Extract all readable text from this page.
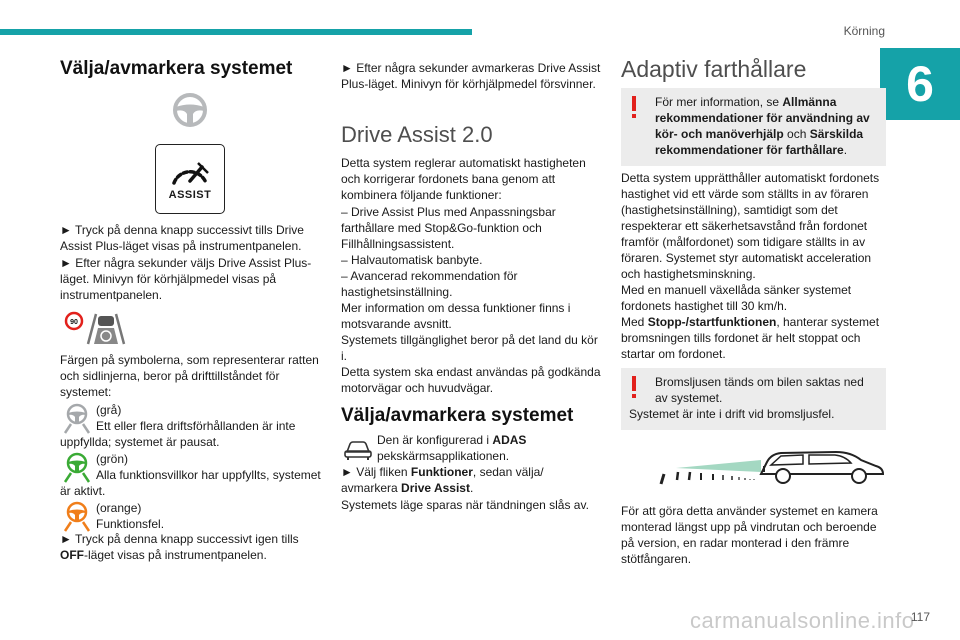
Körning
6
Välja/avmarkera systemet
ASSIST

► Tryck på denna knapp successivt tills Drive Assist Plus-läget visas på instrumentpanelen.

► Efter några sekunder väljs Drive Assist Plus-läget. Minivyn för körhjälpmedel visas på instrumentpanelen.

90

Färgen på symbolerna, som representerar ratten och sidlinjerna, beror på drifttillståndet för systemet:

(grå)

Ett eller flera driftsförhållanden är inte uppfyllda; systemet är pausat.

(grön)

Alla funktionsvillkor har uppfyllts, systemet är aktivt.

(orange)
Funktionsfel.

► Tryck på denna knapp successivt igen tills OFF-läget visas på instrumentpanelen.

► Efter några sekunder avmarkeras Drive Assist Plus-läget. Minivyn för körhjälpmedel försvinner.

Drive Assist 2.0

Detta system reglerar automatiskt hastigheten och korrigerar fordonets bana genom att kombinera följande funktioner:

– Drive Assist Plus med Anpassningsbar farthållare med Stop&Go-funktion och Fillhållningsassistent.

– Halvautomatisk banbyte.

– Avancerad rekommendation för hastighetsinställning.

Mer information om dessa funktioner finns i motsvarande avsnitt.

Systemets tillgänglighet beror på det land du kör i.

Detta system ska endast användas på godkända motorvägar och huvudvägar.

Välja/avmarkera systemet
Den är konfigurerad i ADAS pekskärmsapplikationen.

► Välj fliken Funktioner, sedan välja/ avmarkera Drive Assist.

Systemets läge sparas när tändningen slås av.

Adaptiv farthållare

För mer information, se Allmänna rekommendationer för användning av kör- och manöverhjälp och Särskilda rekommendationer för farthållare.

Detta system upprätthåller automatiskt fordonets hastighet vid ett värde som ställts in av föraren (hastighetsinställning), samtidigt som det respekterar ett säkerhetsavstånd från fordonet framför (målfordonet) som tidigare ställts in av föraren. Systemet styr automatiskt acceleration och hastighetsminskning.

Med en manuell växellåda sänker systemet fordonets hastighet till 30 km/h.

Med Stopp-/startfunktionen, hanterar systemet bromsningen tills fordonet är helt stoppat och startar om fordonet.

Bromsljusen tänds om bilen saktas ned av systemet.

Systemet är inte i drift vid bromsljusfel.

För att göra detta använder systemet en kamera monterad längst upp på vindrutan och beroende på version, en radar monterad i den främre stötfångaren.

carmanualsonline.info
117
